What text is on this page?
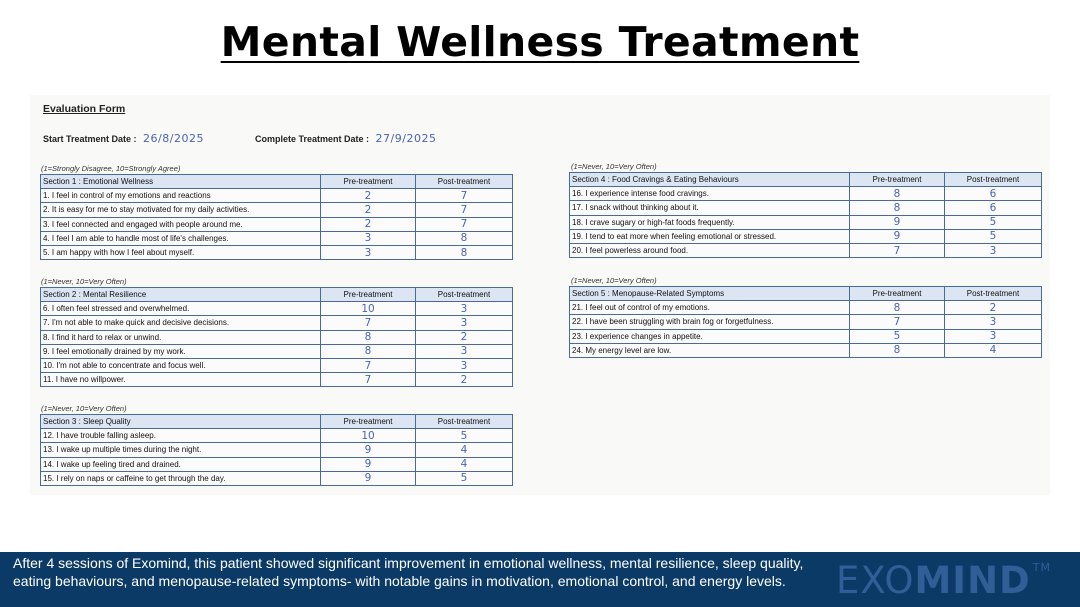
Mental Wellness Treatment
Evaluation Form
Start Treatment Date : 26/8/2025	Complete Treatment Date : 27/9/2025
(1=Strongly Disagree, 10=Strongly Agree)
Section 1 : Emotional Wellness	Pre-treatment	Post-treatment
1. I feel in control of my emotions and reactions	2	7
2. It is easy for me to stay motivated for my daily activities.	2	7
3. I feel connected and engaged with people around me.	2	7
4. I feel I am able to handle most of life's challenges.	3	8
5. I am happy with how I feel about myself.	3	8
(1=Never, 10=Very Often)
Section 2 : Mental Resilience	Pre-treatment	Post-treatment
6. I often feel stressed and overwhelmed.	10	3
7. I'm not able to make quick and decisive decisions.	7	3
8. I find it hard to relax or unwind.	8	2
9. I feel emotionally drained by my work.	8	3
10. I'm not able to concentrate and focus well.	7	3
11. I have no willpower.	7	2
(1=Never, 10=Very Often)
Section 3 : Sleep Quality	Pre-treatment	Post-treatment
12. I have trouble falling asleep.	10	5
13. I wake up multiple times during the night.	9	4
14. I wake up feeling tired and drained.	9	4
15. I rely on naps or caffeine to get through the day.	9	5
(1=Never, 10=Very Often)
Section 4 : Food Cravings & Eating Behaviours	Pre-treatment	Post-treatment
16. I experience intense food cravings.	8	6
17. I snack without thinking about it.	8	6
18. I crave sugary or high-fat foods frequently.	9	5
19. I tend to eat more when feeling emotional or stressed.	9	5
20. I feel powerless around food.	7	3
(1=Never, 10=Very Often)
Section 5 : Menopause-Related Symptoms	Pre-treatment	Post-treatment
21. I feel out of control of my emotions.	8	2
22. I have been struggling with brain fog or forgetfulness.	7	3
23. I experience changes in appetite.	5	3
24. My energy level are low.	8	4
After 4 sessions of Exomind, this patient showed significant improvement in emotional wellness, mental resilience, sleep quality, eating behaviours, and menopause-related symptoms- with notable gains in motivation, emotional control, and energy levels.	EXOMIND ™
